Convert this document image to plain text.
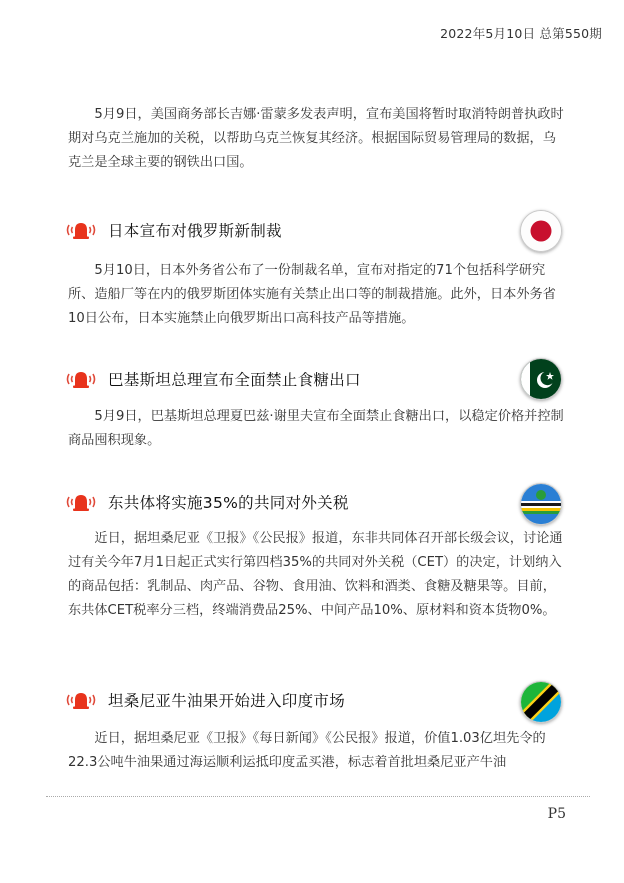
2022年5月10日 总第550期

5月9日，美国商务部长吉娜·雷蒙多发表声明，宣布美国将暂时取消特朗普执政时期对乌克兰施加的关税，以帮助乌克兰恢复其经济。根据国际贸易管理局的数据，乌克兰是全球主要的钢铁出口国。

日本宣布对俄罗斯新制裁

5月10日，日本外务省公布了一份制裁名单，宣布对指定的71个包括科学研究所、造船厂等在内的俄罗斯团体实施有关禁止出口等的制裁措施。此外，日本外务省10日公布，日本实施禁止向俄罗斯出口高科技产品等措施。

巴基斯坦总理宣布全面禁止食糖出口

5月9日，巴基斯坦总理夏巴兹·谢里夫宣布全面禁止食糖出口，以稳定价格并控制商品囤积现象。

东共体将实施35%的共同对外关税

近日，据坦桑尼亚《卫报》《公民报》报道，东非共同体召开部长级会议，讨论通过有关今年7月1日起正式实行第四档35%的共同对外关税（CET）的决定，计划纳入的商品包括：乳制品、肉产品、谷物、食用油、饮料和酒类、食糖及糖果等。目前，东共体CET税率分三档，终端消费品25%、中间产品10%、原材料和资本货物0%。

坦桑尼亚牛油果开始进入印度市场

近日，据坦桑尼亚《卫报》《每日新闻》《公民报》报道，价值1.03亿坦先令的22.3公吨牛油果通过海运顺利运抵印度孟买港，标志着首批坦桑尼亚产牛油

P5
